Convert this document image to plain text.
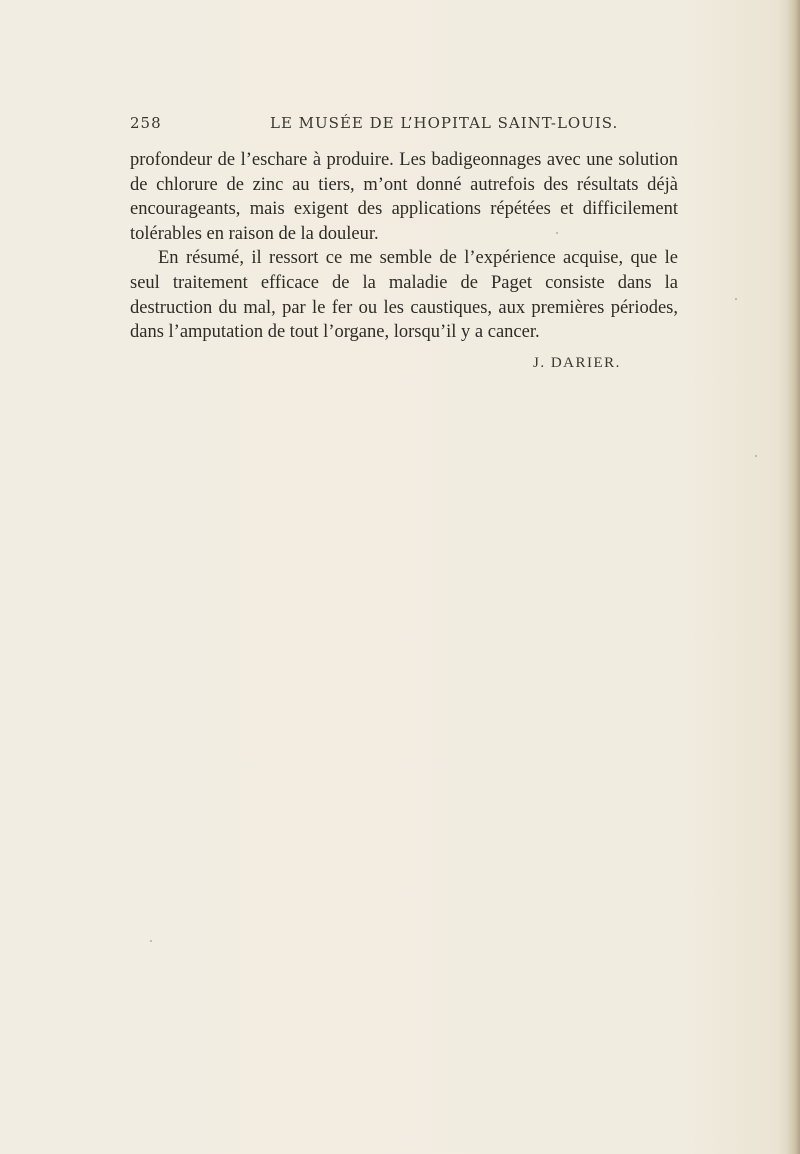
258	LE MUSÉE DE L’HOPITAL SAINT-LOUIS.

profondeur de l’eschare à produire. Les badigeonnages avec une solution de chlorure de zinc au tiers, m’ont donné autrefois des résultats déjà encourageants, mais exigent des applications répétées et difficilement tolérables en raison de la douleur.

En résumé, il ressort ce me semble de l’expérience acquise, que le seul traitement efficace de la maladie de Paget consiste dans la destruction du mal, par le fer ou les caustiques, aux premières périodes, dans l’amputation de tout l’organe, lorsqu’il y a cancer.

J. DARIER.
